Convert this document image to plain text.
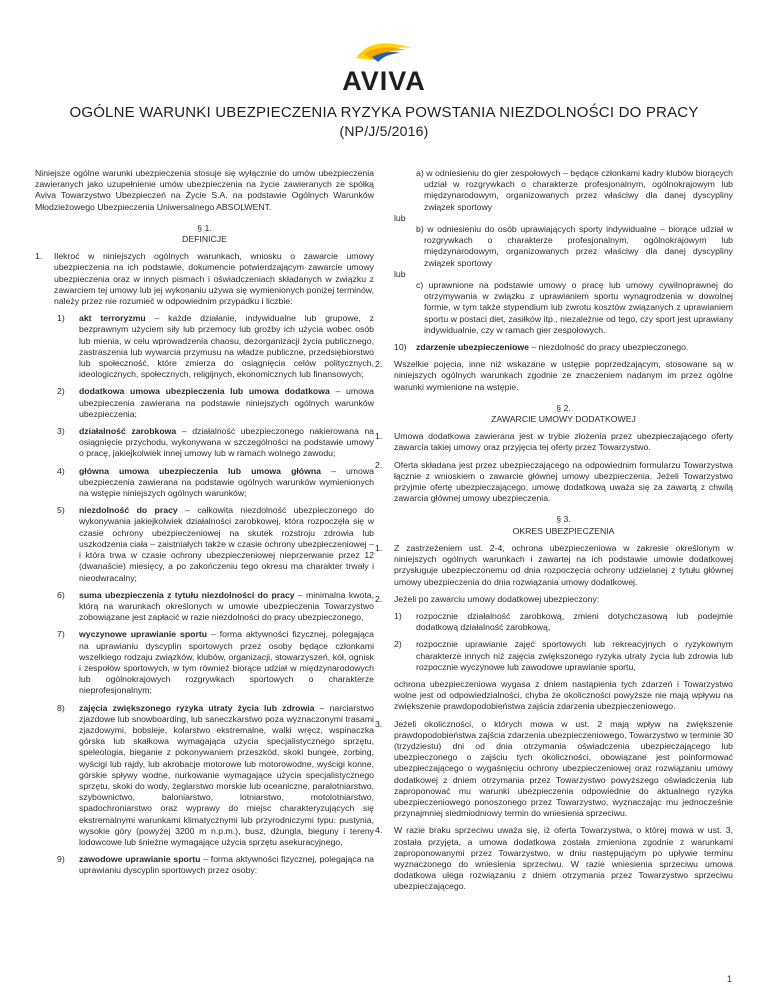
AVIVA
OGÓLNE WARUNKI UBEZPIECZENIA RYZYKA POWSTANIA NIEZDOLNOŚCI DO PRACY
(NP/J/5/2016)

Niniejsze ogólne warunki ubezpieczenia stosuje się wyłącznie do umów ubezpieczenia zawieranych jako uzupełnienie umów ubezpieczenia na życie zawieranych ze spółką Aviva Towarzystwo Ubezpieczeń na Życie S.A. na podstawie Ogólnych Warunków Młodzieżowego Ubezpieczenia Uniwersalnego ABSOLWENT.

§ 1.
DEFINICJE
1.	Ilekroć w niniejszych ogólnych warunkach, wniosku o zawarcie umowy ubezpieczenia na ich podstawie, dokumencie potwierdzającym zawarcie umowy ubezpieczenia oraz w innych pismach i oświadczeniach składanych w związku z zawarciem tej umowy lub jej wykonaniu używa się wymienionych poniżej terminów, należy przez nie rozumieć w odpowiednim przypadku i liczbie:
1)	akt terroryzmu – każde działanie, indywidualne lub grupowe, z bezprawnym użyciem siły lub przemocy lub groźby ich użycia wobec osób lub mienia, w celu wprowadzenia chaosu, dezorganizacji życia publicznego, zastraszenia lub wywarcia przymusu na władze publiczne, przedsiębiorstwo lub społeczność, które zmierza do osiągnięcia celów politycznych, ideologicznych, społecznych, religijnych, ekonomicznych lub finansowych;
2)	dodatkowa umowa ubezpieczenia lub umowa dodatkowa – umowa ubezpieczenia zawierana na podstawie niniejszych ogólnych warunków ubezpieczenia;
3)	działalność zarobkowa – działalność ubezpieczonego nakierowana na osiągnięcie przychodu, wykonywana w szczególności na podstawie umowy o pracę, jakiejkolwiek innej umowy lub w ramach wolnego zawodu;
4)	główna umowa ubezpieczenia lub umowa główna – umowa ubezpieczenia zawierana na podstawie ogólnych warunków wymienionych na wstępie niniejszych ogólnych warunków;
5)	niezdolność do pracy – całkowita niezdolność ubezpieczonego do wykonywania jakiejkolwiek działalności zarobkowej, która rozpoczęła się w czasie ochrony ubezpieczeniowej na skutek rozstroju zdrowia lub uszkodzenia ciała – zaistniałych także w czasie ochrony ubezpieczeniowej – i która trwa w czasie ochrony ubezpieczeniowej nieprzerwanie przez 12 (dwanaście) miesięcy, a po zakończeniu tego okresu ma charakter trwały i nieodwracalny;
6)	suma ubezpieczenia z tytułu niezdolności do pracy – minimalna kwota, którą na warunkach określonych w umowie ubezpieczenia Towarzystwo zobowiązane jest zapłacić w razie niezdolności do pracy ubezpieczonego,
7)	wyczynowe uprawianie sportu – forma aktywności fizycznej, polegająca na uprawianiu dyscyplin sportowych przez osoby będące członkami wszelkiego rodzaju związków, klubów, organizacji, stowarzyszeń, kół, ognisk i zespołów sportowych, w tym również biorące udział w międzynarodowych lub ogólnokrajowych rozgrywkach sportowych o charakterze nieprofesjonalnym;
8)	zajęcia zwiększonego ryzyka utraty życia lub zdrowia – narciarstwo zjazdowe lub snowboarding, lub saneczkarstwo poza wyznaczonymi trasami zjazdowymi, bobsleje, kolarstwo ekstremalne, walki wręcz, wspinaczka górska lub skałkowa wymagająca użycia specjalistycznego sprzętu, speleologia, bieganie z pokonywaniem przeszkód, skoki bungee, zorbing, wyścigi lub rajdy, lub akrobacje motorowe lub motorowodne, wyścigi konne, górskie spływy wodne, nurkowanie wymagające użycia specjalistycznego sprzętu, skoki do wody, żeglarstwo morskie lub oceaniczne, paralotniarstwo, szybownictwo, baloniarstwo, lotniarstwo, motolotniarstwo, spadochroniarstwo oraz wyprawy do miejsc charakteryzujących się ekstremalnymi warunkami klimatycznymi lub przyrodniczymi typu: pustynia, wysokie góry (powyżej 3200 m n.p.m.), busz, dżungla, bieguny i tereny lodowcowe lub śnieżne wymagające użycia sprzętu asekuracyjnego,
9)	zawodowe uprawianie sportu – forma aktywności fizycznej, polegająca na uprawianiu dyscyplin sportowych przez osoby:

a) w odniesieniu do gier zespołowych – będące członkami kadry klubów biorących udział w rozgrywkach o charakterze profesjonalnym, ogólnokrajowym lub międzynarodowym, organizowanych przez właściwy dla danej dyscypliny związek sportowy

lub

b) w odniesieniu do osób uprawiających sporty indywidualne – biorące udział w rozgrywkach o charakterze profesjonalnym, ogólnokrajowym lub międzynarodowym, organizowanych przez właściwy dla danej dyscypliny związek sportowy

lub

c) uprawnione na podstawie umowy o pracę lub umowy cywilnoprawnej do otrzymywania w związku z uprawianiem sportu wynagrodzenia w dowolnej formie, w tym także stypendium lub zwrotu kosztów związanych z uprawianiem sportu w postaci diet, zasiłków itp., niezależnie od tego, czy sport jest uprawiany indywidualnie, czy w ramach gier zespołowych.

10)	zdarzenie ubezpieczeniowe – niezdolność do pracy ubezpieczonego.
2.	Wszelkie pojęcia, inne niż wskazane w ustępie poprzedzającym, stosowane są w niniejszych ogólnych warunkach zgodnie ze znaczeniem nadanym im przez ogólne warunki wymienione na wstępie.
§ 2.
ZAWARCIE UMOWY DODATKOWEJ
1.	Umowa dodatkowa zawierana jest w trybie złożenia przez ubezpieczającego oferty zawarcia takiej umowy oraz przyjęcia tej oferty przez Towarzystwo.
2.	Oferta składana jest przez ubezpieczającego na odpowiednim formularzu Towarzystwa łącznie z wnioskiem o zawarcie głównej umowy ubezpieczenia. Jeżeli Towarzystwo przyjmie ofertę ubezpieczającego, umowę dodatkową uważa się za zawartą z chwilą zawarcia głównej umowy ubezpieczenia.
§ 3.
OKRES UBEZPIECZENIA
1.	Z zastrzeżeniem ust. 2-4, ochrona ubezpieczeniowa w zakresie określonym w niniejszych ogólnych warunkach i zawartej na ich podstawie umowie dodatkowej przysługuje ubezpieczonemu od dnia rozpoczęcia ochrony udzielanej z tytułu głównej umowy ubezpieczenia do dnia rozwiązania umowy dodatkowej.
2.	Jeżeli po zawarciu umowy dodatkowej ubezpieczony:
1)	rozpocznie działalność zarobkową, zmieni dotychczasową lub podejmie dodatkową działalność zarobkową,
2)	rozpocznie uprawianie zajęć sportowych lub rekreacyjnych o ryzykownym charakterze innych niż zajęcia zwiększonego ryzyka utraty życia lub zdrowia lub rozpocznie wyczynowe lub zawodowe uprawianie sportu,

ochrona ubezpieczeniowa wygasa z dniem nastąpienia tych zdarzeń i Towarzystwo wolne jest od odpowiedzialności, chyba że okoliczności powyższe nie mają wpływu na zwiększenie prawdopodobieństwa zajścia zdarzenia ubezpieczeniowego.

3.	Jeżeli okoliczności, o których mowa w ust. 2 mają wpływ na zwiększenie prawdopodobieństwa zajścia zdarzenia ubezpieczeniowego, Towarzystwo w terminie 30 (trzydziestu) dni od dnia otrzymania oświadczenia ubezpieczającego lub ubezpieczonego o zajściu tych okoliczności, obowiązane jest poinformować ubezpieczającego o wygaśnięciu ochrony ubezpieczeniowej oraz rozwiązaniu umowy dodatkowej z dniem otrzymania przez Towarzystwo powyższego oświadczenia lub zaproponować mu warunki ubezpieczenia odpowiednie do aktualnego ryzyka ubezpieczeniowego ponoszonego przez Towarzystwo, wyznaczając mu jednocześnie przynajmniej siedmiodniowy termin do wniesienia sprzeciwu.
4.	W razie braku sprzeciwu uważa się, iż oferta Towarzystwa, o której mowa w ust. 3, została przyjęta, a umowa dodatkowa została zmieniona zgodnie z warunkami zaproponowanymi przez Towarzystwo, w dniu następującym po upływie terminu wyznaczonego do wniesienia sprzeciwu. W razie wniesienia sprzeciwu umowa dodatkowa ulega rozwiązaniu z dniem otrzymania przez Towarzystwo sprzeciwu ubezpieczającego.
1
